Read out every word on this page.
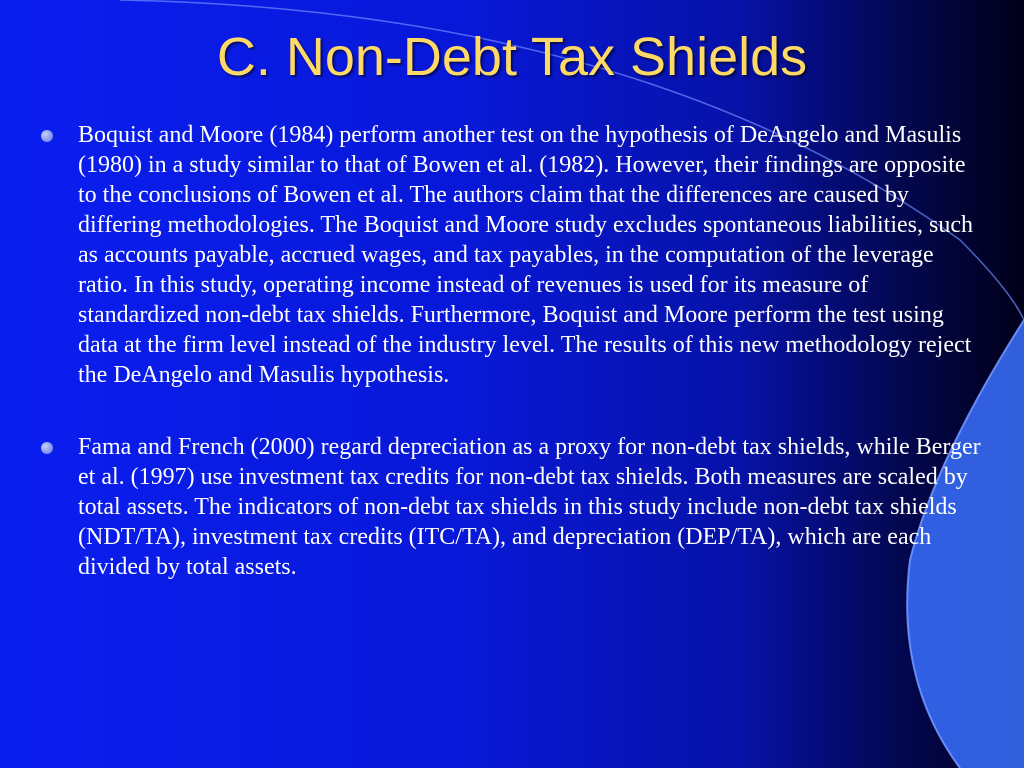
C. Non-Debt Tax Shields
Boquist and Moore (1984) perform another test on the hypothesis of DeAngelo and Masulis (1980) in a study similar to that of Bowen et al. (1982). However, their findings are opposite to the conclusions of Bowen et al. The authors claim that the differences are caused by differing methodologies. The Boquist and Moore study excludes spontaneous liabilities, such as accounts payable, accrued wages, and tax payables, in the computation of the leverage ratio. In this study, operating income instead of revenues is used for its measure of standardized non-debt tax shields. Furthermore, Boquist and Moore perform the test using data at the firm level instead of the industry level. The results of this new methodology reject the DeAngelo and Masulis hypothesis.
Fama and French (2000) regard depreciation as a proxy for non-debt tax shields, while Berger et al. (1997) use investment tax credits for non-debt tax shields. Both measures are scaled by total assets. The indicators of non-debt tax shields in this study include non-debt tax shields (NDT/TA), investment tax credits (ITC/TA), and depreciation (DEP/TA), which are each divided by total assets.
